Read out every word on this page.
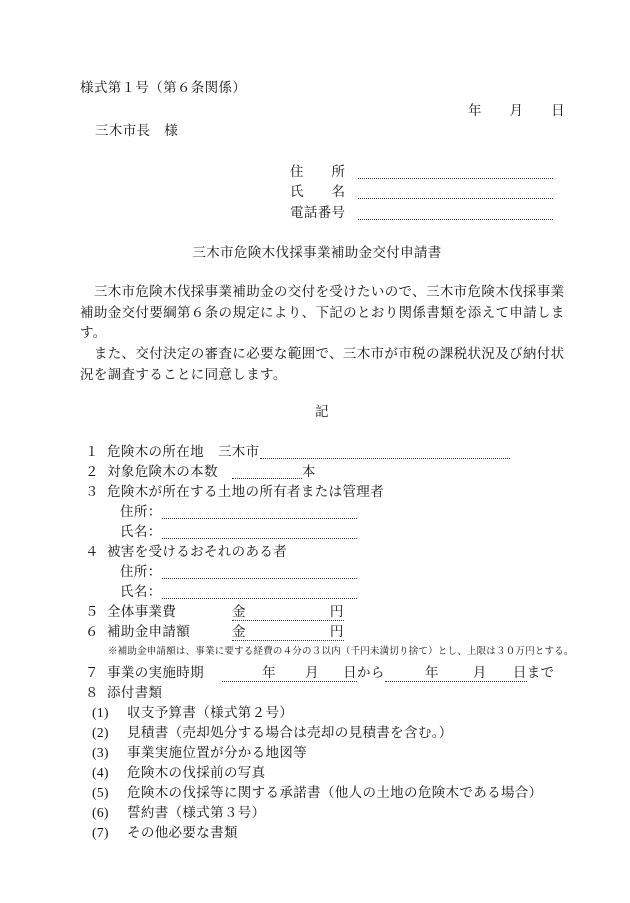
様式第１号（第６条関係）
年　　月　　日
三木市長　様
住　　所
氏　　名
電話番号
三木市危険木伐採事業補助金交付申請書
　三木市危険木伐採事業補助金の交付を受けたいので、三木市危険木伐採事業
補助金交付要綱第６条の規定により、下記のとおり関係書類を添えて申請しま
す。
　また、交付決定の審査に必要な範囲で、三木市が市税の課税状況及び納付状
況を調査することに同意します。
記
１ 危険木の所在地 三木市
２ 対象危険木の本数	本
３ 危険木が所在する土地の所有者または管理者
住所：
氏名：
４ 被害を受けるおそれのある者
住所：
氏名：
５ 全体事業費	金	円
６ 補助金申請額	金	円
※補助金申請額は、事業に要する経費の４分の３以内（千円未満切り捨て）とし、上限は３０万円とする。
７ 事業の実施時期	年 月 日から	年	月 日まで
８ 添付書類
(1) 収支予算書（様式第２号）
(2) 見積書（売却処分する場合は売却の見積書を含む。）
(3) 事業実施位置が分かる地図等
(4) 危険木の伐採前の写真
(5) 危険木の伐採等に関する承諾書（他人の土地の危険木である場合）
(6) 誓約書（様式第３号）
(7) その他必要な書類
